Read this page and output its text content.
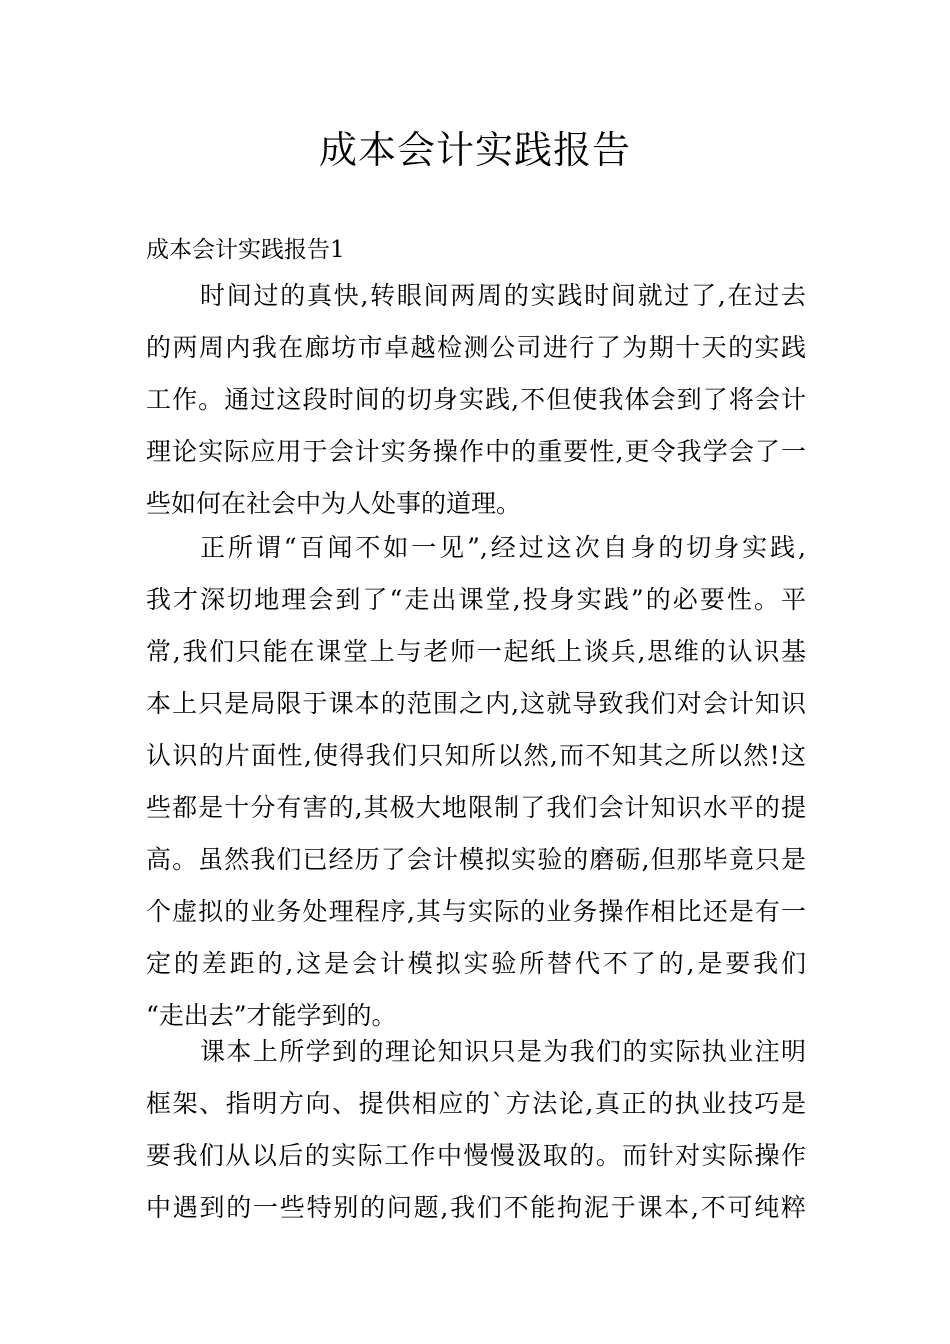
成本会计实践报告

成本会计实践报告1

时间过的真快,转眼间两周的实践时间就过了,在过去
的两周内我在廊坊市卓越检测公司进行了为期十天的实践
工作。通过这段时间的切身实践,不但使我体会到了将会计
理论实际应用于会计实务操作中的重要性,更令我学会了一
些如何在社会中为人处事的道理。
正所谓“百闻不如一见”,经过这次自身的切身实践,
我才深切地理会到了“走出课堂,投身实践”的必要性。平
常,我们只能在课堂上与老师一起纸上谈兵,思维的认识基
本上只是局限于课本的范围之内,这就导致我们对会计知识
认识的片面性,使得我们只知所以然,而不知其之所以然!这
些都是十分有害的,其极大地限制了我们会计知识水平的提
高。虽然我们已经历了会计模拟实验的磨砺,但那毕竟只是
个虚拟的业务处理程序,其与实际的业务操作相比还是有一
定的差距的,这是会计模拟实验所替代不了的,是要我们
“走出去”才能学到的。
课本上所学到的理论知识只是为我们的实际执业注明
框架、指明方向、提供相应的`方法论,真正的执业技巧是
要我们从以后的实际工作中慢慢汲取的。而针对实际操作
中遇到的一些特别的问题,我们不能拘泥于课本,不可纯粹
